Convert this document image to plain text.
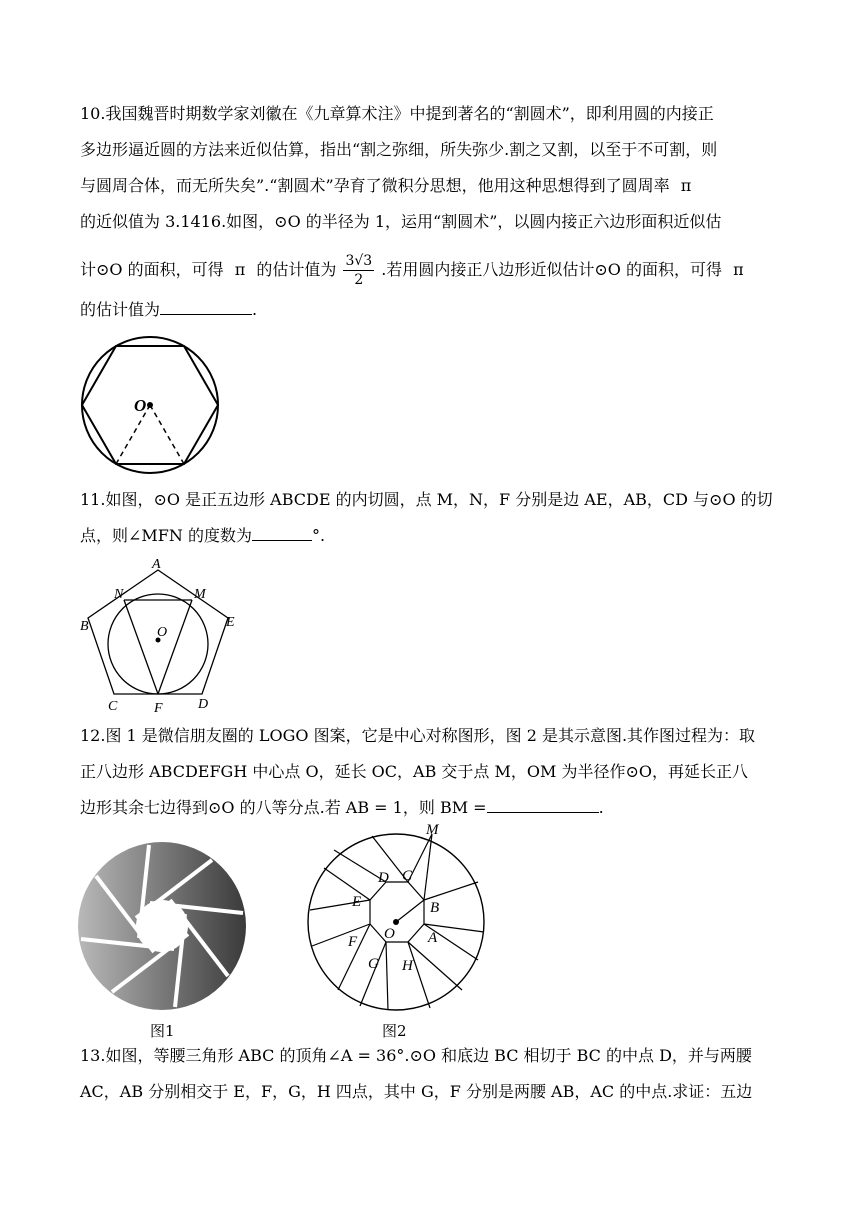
10.我国魏晋时期数学家刘徽在《九章算术注》中提到著名的“割圆术”，即利用圆的内接正
多边形逼近圆的方法来近似估算，指出“割之弥细，所失弥少.割之又割，以至于不可割，则
与圆周合体，而无所失矣”.“割圆术”孕育了微积分思想，他用这种思想得到了圆周率 π
的近似值为 3.1416.如图，⊙O 的半径为 1，运用“割圆术”，以圆内接正六边形面积近似估
计⊙O 的面积，可得 π 的估计值为 $\frac{3√3}{2}$ .若用圆内接正八边形近似估计⊙O 的面积，可得 π
的估计值为	.
O
11.如图，⊙O 是正五边形 ABCDE 的内切圆，点 M，N，F 分别是边 AE，AB，CD 与⊙O 的切
点，则∠MFN 的度数为	°.
A
N	M
B	E
O
C	F	D
12.图 1 是微信朋友圈的 LOGO 图案，它是中心对称图形，图 2 是其示意图.其作图过程为：取
正八边形 ABCDEFGH 中心点 O，延长 OC，AB 交于点 M，OM 为半径作⊙O，再延长正八
边形其余七边得到⊙O 的八等分点.若 AB = 1，则 BM =	.
图1
M
D C
E	B
O A
F
G H
图2
13.如图，等腰三角形 ABC 的顶角∠A = 36°.⊙O 和底边 BC 相切于 BC 的中点 D，并与两腰
AC，AB 分别相交于 E，F，G，H 四点，其中 G，F 分别是两腰 AB，AC 的中点.求证：五边
